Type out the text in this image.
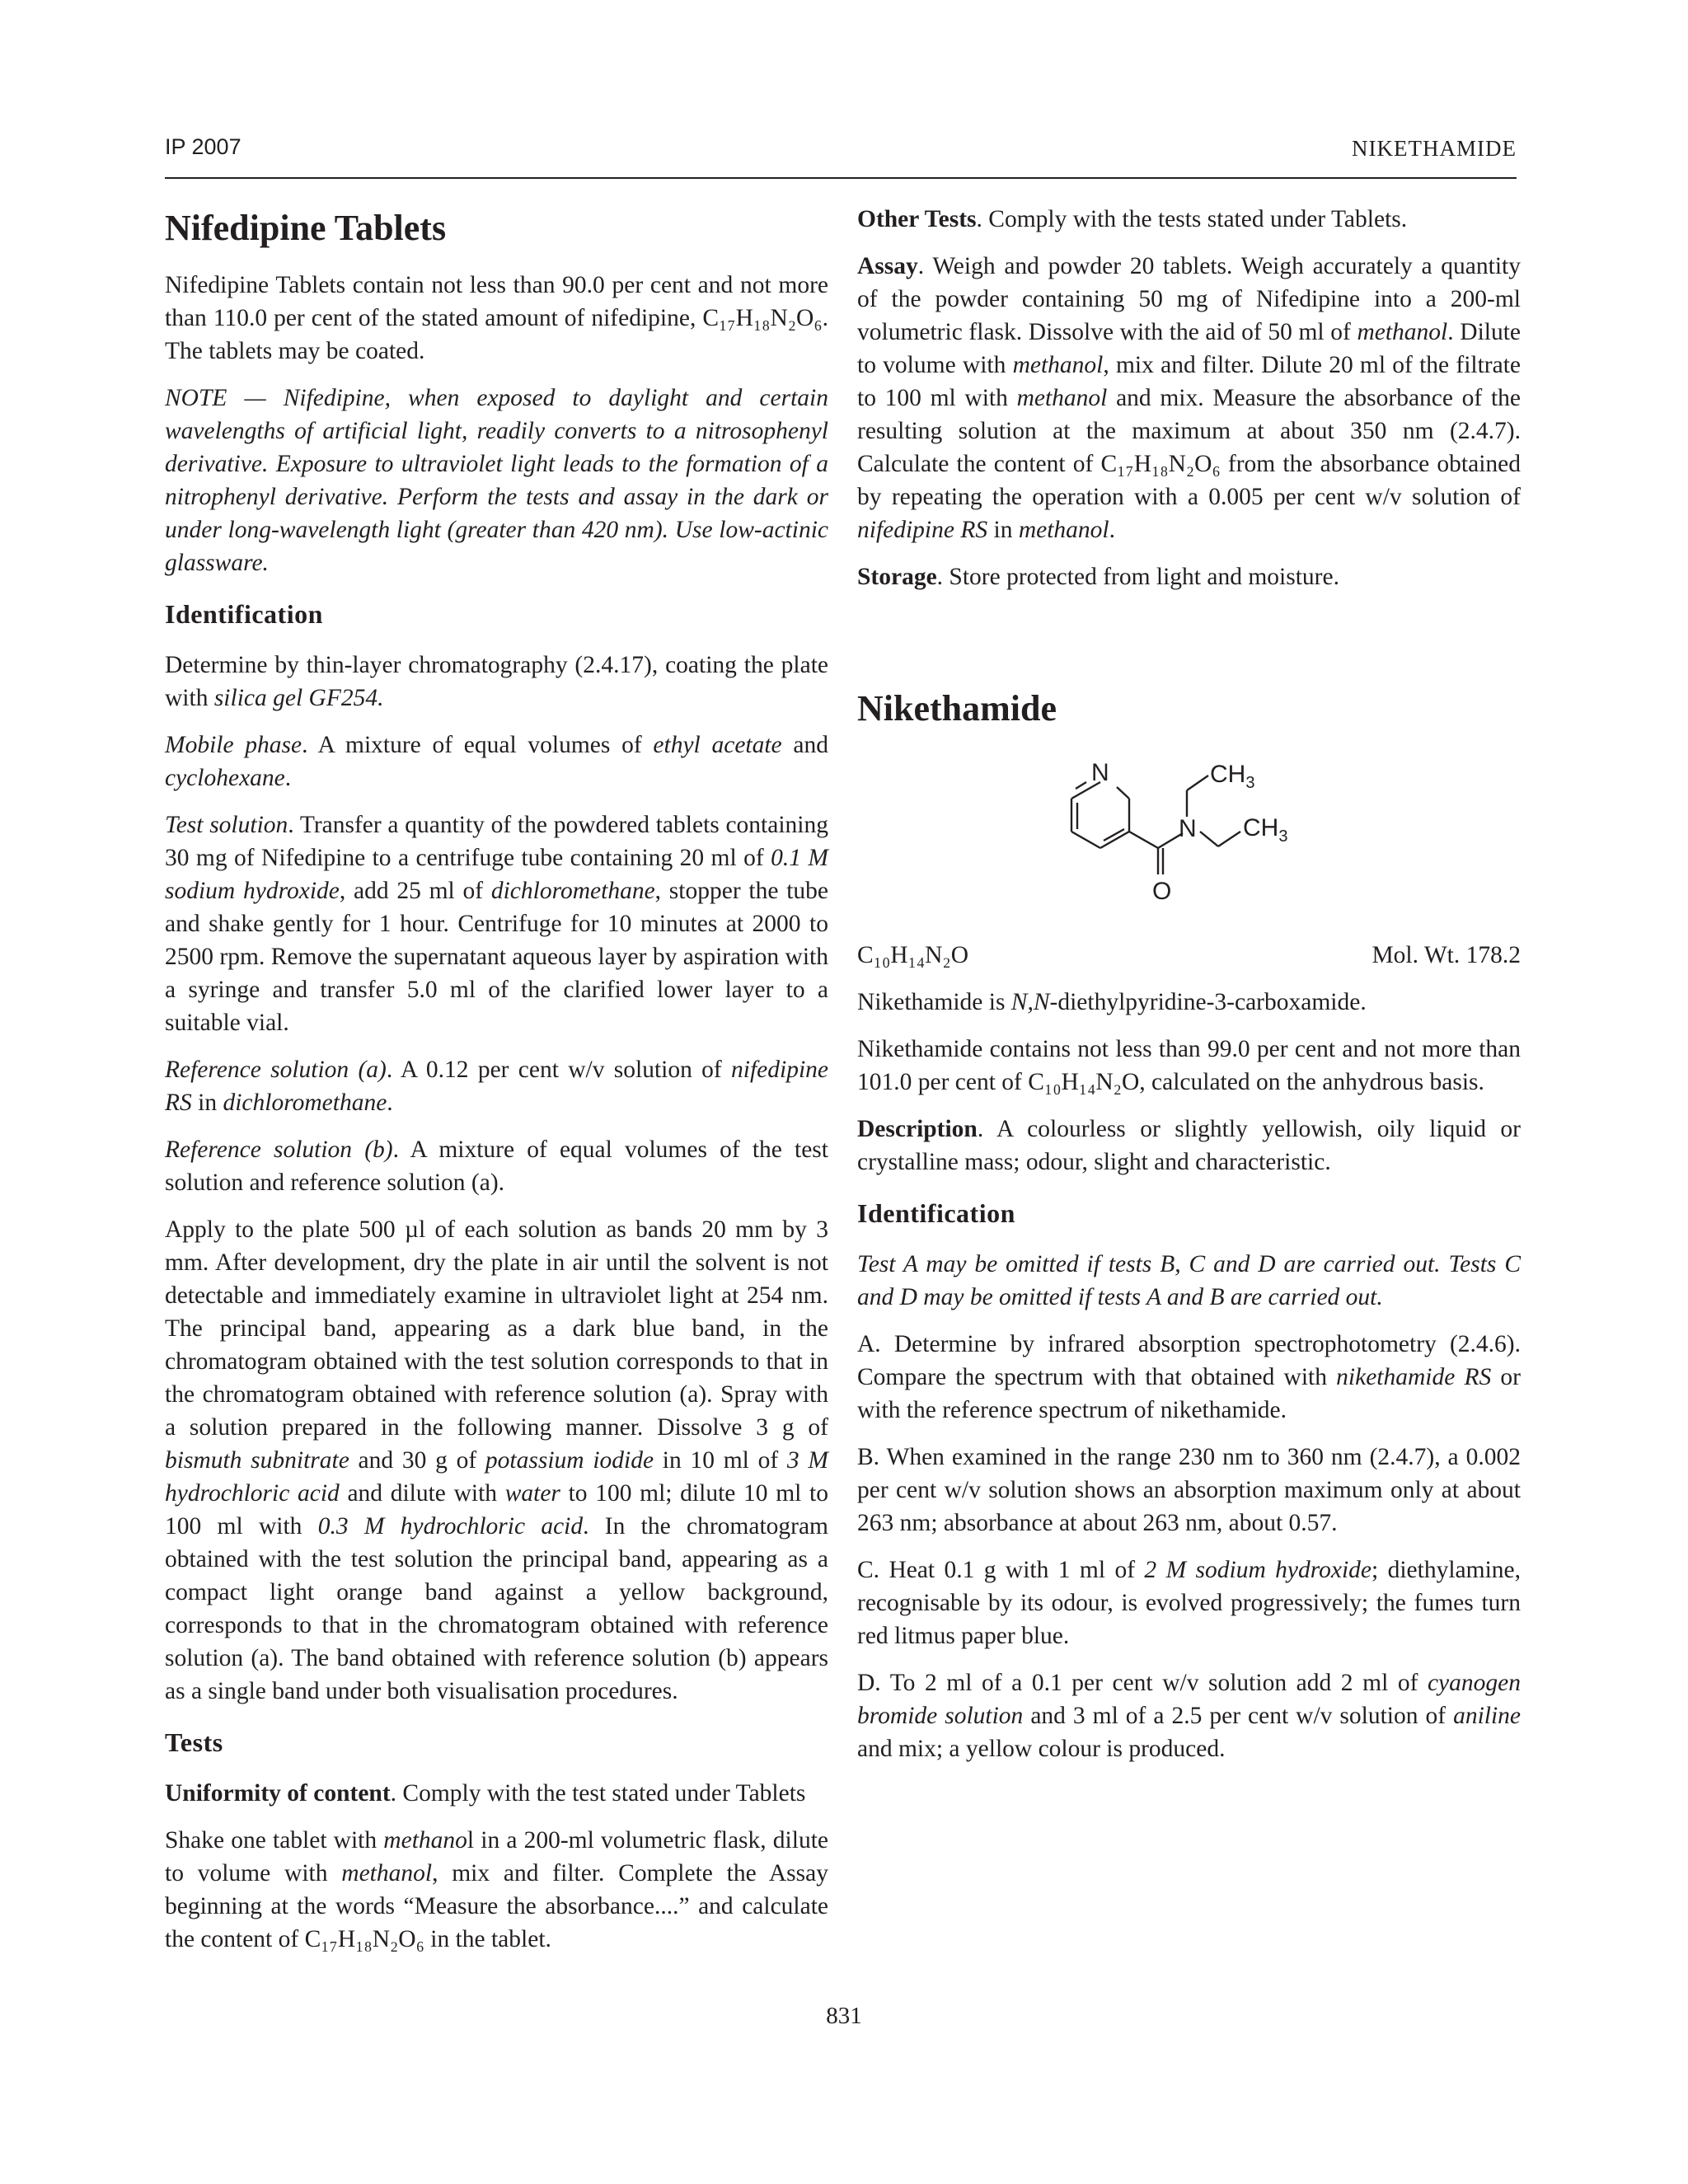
IP 2007	NIKETHAMIDE
Nifedipine Tablets

Nifedipine Tablets contain not less than 90.0 per cent and not more than 110.0 per cent of the stated amount of nifedipine, C₁₇H₁₈N₂O₆. The tablets may be coated.

NOTE — Nifedipine, when exposed to daylight and certain wavelengths of artificial light, readily converts to a nitrosophenyl derivative. Exposure to ultraviolet light leads to the formation of a nitrophenyl derivative. Perform the tests and assay in the dark or under long-wavelength light (greater than 420 nm). Use low-actinic glassware.

Identification

Determine by thin-layer chromatography (2.4.17), coating the plate with silica gel GF254.

Mobile phase. A mixture of equal volumes of ethyl acetate and cyclohexane.

Test solution. Transfer a quantity of the powdered tablets containing 30 mg of Nifedipine to a centrifuge tube containing 20 ml of 0.1 M sodium hydroxide, add 25 ml of dichloromethane, stopper the tube and shake gently for 1 hour. Centrifuge for 10 minutes at 2000 to 2500 rpm. Remove the supernatant aqueous layer by aspiration with a syringe and transfer 5.0 ml of the clarified lower layer to a suitable vial.

Reference solution (a). A 0.12 per cent w/v solution of nifedipine RS in dichloromethane.

Reference solution (b). A mixture of equal volumes of the test solution and reference solution (a).

Apply to the plate 500 µl of each solution as bands 20 mm by 3 mm. After development, dry the plate in air until the solvent is not detectable and immediately examine in ultraviolet light at 254 nm. The principal band, appearing as a dark blue band, in the chromatogram obtained with the test solution corresponds to that in the chromatogram obtained with reference solution (a). Spray with a solution prepared in the following manner. Dissolve 3 g of bismuth subnitrate and 30 g of potassium iodide in 10 ml of 3 M hydrochloric acid and dilute with water to 100 ml; dilute 10 ml to 100 ml with 0.3 M hydrochloric acid. In the chromatogram obtained with the test solution the principal band, appearing as a compact light orange band against a yellow background, corresponds to that in the chromatogram obtained with reference solution (a). The band obtained with reference solution (b) appears as a single band under both visualisation procedures.

Tests

Uniformity of content. Comply with the test stated under Tablets

Shake one tablet with methanol in a 200-ml volumetric flask, dilute to volume with methanol, mix and filter. Complete the Assay beginning at the words “Measure the absorbance....” and calculate the content of C₁₇H₁₈N₂O₆ in the tablet.

Other Tests. Comply with the tests stated under Tablets.

Assay. Weigh and powder 20 tablets. Weigh accurately a quantity of the powder containing 50 mg of Nifedipine into a 200-ml volumetric flask. Dissolve with the aid of 50 ml of methanol. Dilute to volume with methanol, mix and filter. Dilute 20 ml of the filtrate to 100 ml with methanol and mix. Measure the absorbance of the resulting solution at the maximum at about 350 nm (2.4.7). Calculate the content of C₁₇H₁₈N₂O₆ from the absorbance obtained by repeating the operation with a 0.005 per cent w/v solution of nifedipine RS in methanol.

Storage. Store protected from light and moisture.

Nikethamide
N
N
O
$CH_3$
$CH_3$
C₁₀H₁₄N₂O	Mol. Wt. 178.2

Nikethamide is N,N-diethylpyridine-3-carboxamide.

Nikethamide contains not less than 99.0 per cent and not more than 101.0 per cent of C₁₀H₁₄N₂O, calculated on the anhydrous basis.

Description. A colourless or slightly yellowish, oily liquid or crystalline mass; odour, slight and characteristic.

Identification

Test A may be omitted if tests B, C and D are carried out. Tests C and D may be omitted if tests A and B are carried out.

A. Determine by infrared absorption spectrophotometry (2.4.6). Compare the spectrum with that obtained with nikethamide RS or with the reference spectrum of nikethamide.

B. When examined in the range 230 nm to 360 nm (2.4.7), a 0.002 per cent w/v solution shows an absorption maximum only at about 263 nm; absorbance at about 263 nm, about 0.57.

C. Heat 0.1 g with 1 ml of 2 M sodium hydroxide; diethylamine, recognisable by its odour, is evolved progressively; the fumes turn red litmus paper blue.

D. To 2 ml of a 0.1 per cent w/v solution add 2 ml of cyanogen bromide solution and 3 ml of a 2.5 per cent w/v solution of aniline and mix; a yellow colour is produced.

831
